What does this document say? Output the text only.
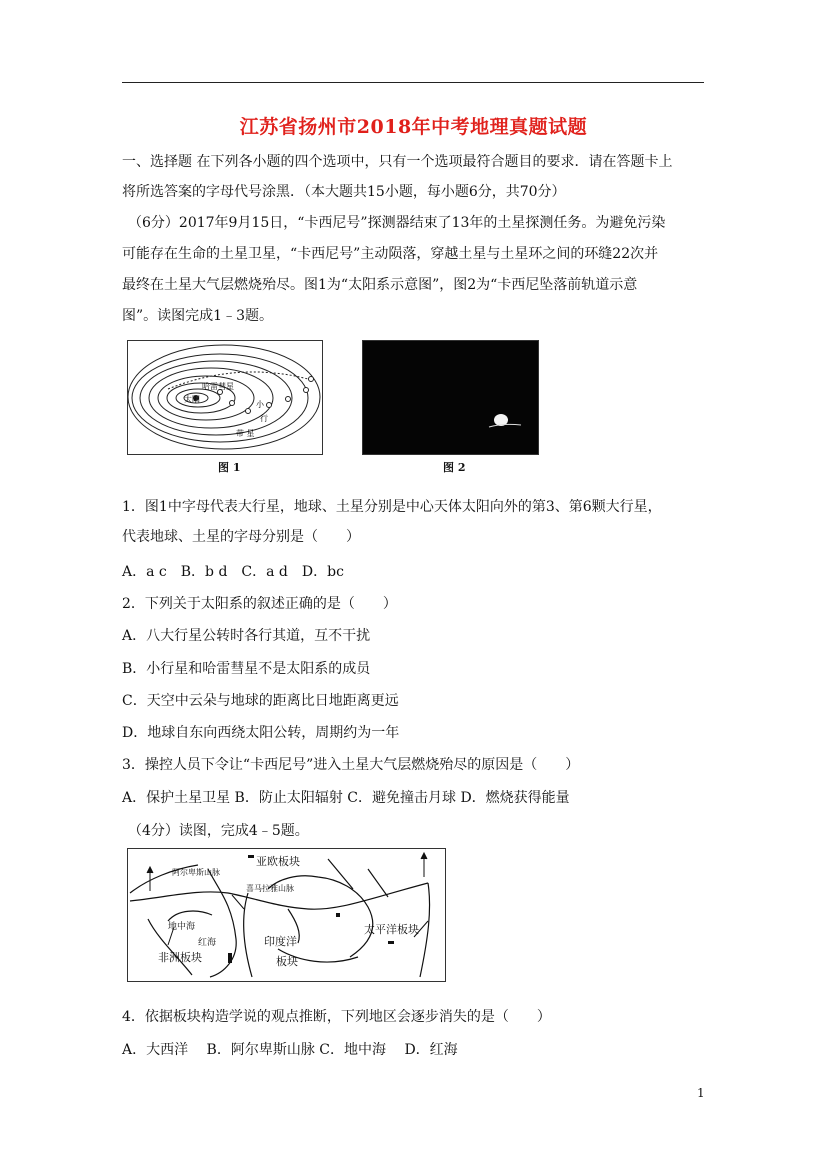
江苏省扬州市2018年中考地理真题试题
一、选择题 在下列各小题的四个选项中，只有一个选项最符合题目的要求．请在答题卡上
将所选答案的字母代号涂黑．（本大题共15小题，每小题6分，共70分）
（6分）2017年9月15日，“卡西尼号”探测器结束了13年的土星探测任务。为避免污染
可能存在生命的土星卫星，“卡西尼号”主动陨落，穿越土星与土星环之间的环缝22次并
最终在土星大气层燃烧殆尽。图1为“太阳系示意图”，图2为“卡西尼坠落前轨道示意
图”。读图完成1﹣3题。
哈雷彗星
太阳
小
行
带 星
图 1	图 2
1．图1中字母代表大行星，地球、土星分别是中心天体太阳向外的第3、第6颗大行星，
代表地球、土星的字母分别是（　　）
A．a c　B．b d　C．a d　D．bc
2．下列关于太阳系的叙述正确的是（　　）
A．八大行星公转时各行其道，互不干扰
B．小行星和哈雷彗星不是太阳系的成员
C．天空中云朵与地球的距离比日地距离更远
D．地球自东向西绕太阳公转，周期约为一年
3．操控人员下令让“卡西尼号”进入土星大气层燃烧殆尽的原因是（　　）
A．保护土星卫星 B．防止太阳辐射 C．避免撞击月球 D．燃烧获得能量
（4分）读图，完成4﹣5题。
亚欧板块
阿尔卑斯山脉
喜马拉雅山脉
地中海
红海
非洲板块
印度洋
板块
太平洋板块
4．依据板块构造学说的观点推断，下列地区会逐步消失的是（　　）
A．大西洋　 B．阿尔卑斯山脉 C．地中海　 D．红海
1
